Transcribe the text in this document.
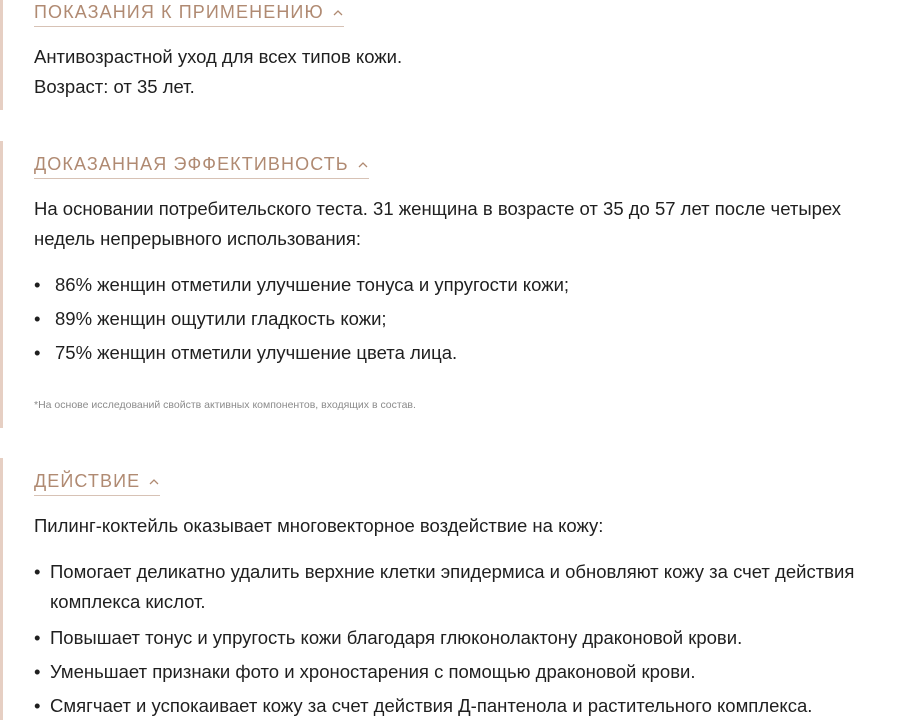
ПОКАЗАНИЯ К ПРИМЕНЕНИЮ

Антивозрастной уход для всех типов кожи.

Возраст: от 35 лет.

ДОКАЗАННАЯ ЭФФЕКТИВНОСТЬ

На основании потребительского теста. 31 женщина в возрасте от 35 до 57 лет после четырех

недель непрерывного использования:

• 86% женщин отметили улучшение тонуса и упругости кожи;
• 89% женщин ощутили гладкость кожи;
• 75% женщин отметили улучшение цвета лица.

*На основе исследований свойств активных компонентов, входящих в состав.

ДЕЙСТВИЕ

Пилинг-коктейль оказывает многовекторное воздействие на кожу:

• Помогает деликатно удалить верхние клетки эпидермиса и обновляют кожу за счет действия комплекса кислот.
• Повышает тонус и упругость кожи благодаря глюконолактону драконовой крови.
• Уменьшает признаки фото и хроностарения с помощью драконовой крови.
• Смягчает и успокаивает кожу за счет действия Д-пантенола и растительного комплекса.
